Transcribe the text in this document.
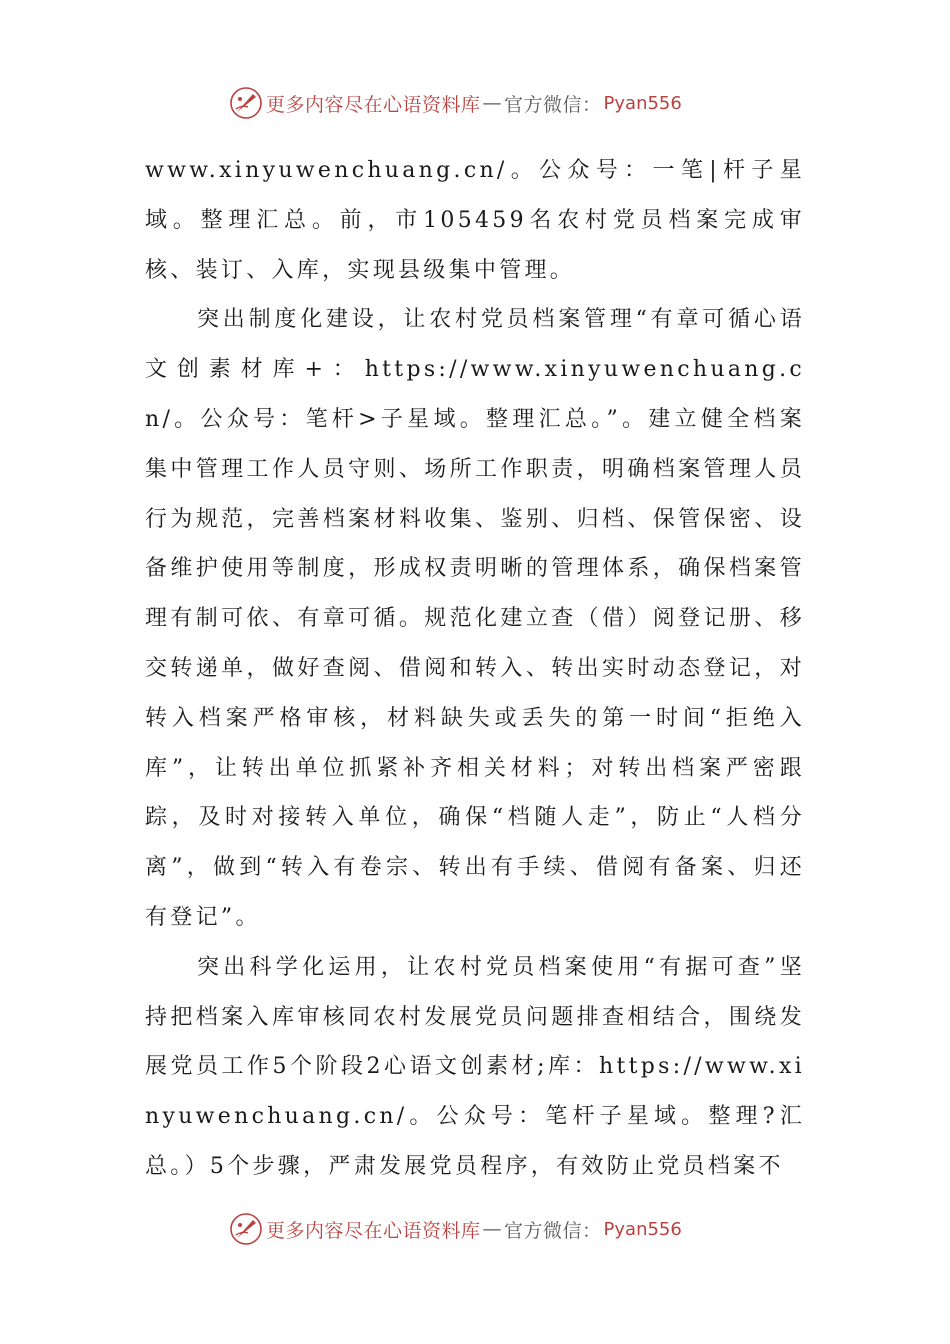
更多内容尽在心语资料库 — 官方微信： Pyan556

www.xinyuwenchuang.cn/。公众号：一笔|杆子星域。整理汇总。前，市105459名农村党员档案完成审核、装订、入库，实现县级集中管理。

突出制度化建设，让农村党员档案管理“有章可循心语文创素材库+：https://www.xinyuwenchuang.cn/。公众号：笔杆>子星域。整理汇总。”。建立健全档案集中管理工作人员守则、场所工作职责，明确档案管理人员行为规范，完善档案材料收集、鉴别、归档、保管保密、设备维护使用等制度，形成权责明晰的管理体系，确保档案管理有制可依、有章可循。规范化建立查（借）阅登记册、移交转递单，做好查阅、借阅和转入、转出实时动态登记，对转入档案严格审核，材料缺失或丢失的第一时间“拒绝入库”，让转出单位抓紧补齐相关材料；对转出档案严密跟踪，及时对接转入单位，确保“档随人走”，防止“人档分离”，做到“转入有卷宗、转出有手续、借阅有备案、归还有登记”。

突出科学化运用，让农村党员档案使用“有据可查”坚持把档案入库审核同农村发展党员问题排查相结合，围绕发展党员工作5个阶段2心语文创素材;库：https://www.xinyuwenchuang.cn/。公众号：笔杆子星域。整理?汇总。）5个步骤，严肃发展党员程序，有效防止党员档案不

更多内容尽在心语资料库 — 官方微信： Pyan556
